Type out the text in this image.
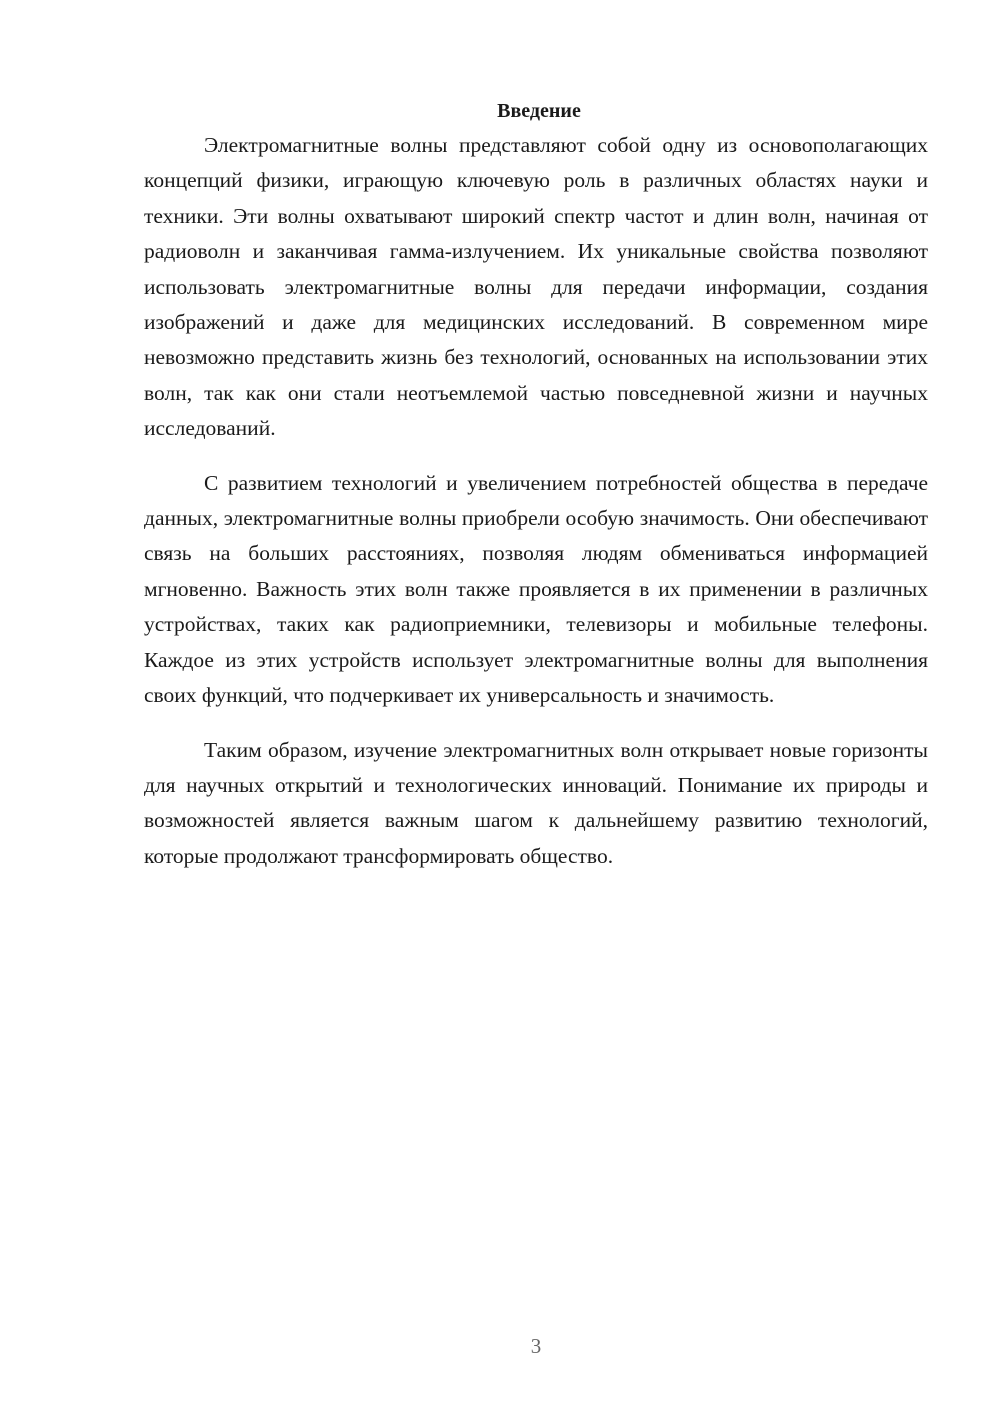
Введение

Электромагнитные волны представляют собой одну из основополагающих концепций физики, играющую ключевую роль в различных областях науки и техники. Эти волны охватывают широкий спектр частот и длин волн, начиная от радиоволн и заканчивая гамма-излучением. Их уникальные свойства позволяют использовать электромагнитные волны для передачи информации, создания изображений и даже для медицинских исследований. В современном мире невозможно представить жизнь без технологий, основанных на использовании этих волн, так как они стали неотъемлемой частью повседневной жизни и научных исследований.

С развитием технологий и увеличением потребностей общества в передаче данных, электромагнитные волны приобрели особую значимость. Они обеспечивают связь на больших расстояниях, позволяя людям обмениваться информацией мгновенно. Важность этих волн также проявляется в их применении в различных устройствах, таких как радиоприемники, телевизоры и мобильные телефоны. Каждое из этих устройств использует электромагнитные волны для выполнения своих функций, что подчеркивает их универсальность и значимость.

Таким образом, изучение электромагнитных волн открывает новые горизонты для научных открытий и технологических инноваций. Понимание их природы и возможностей является важным шагом к дальнейшему развитию технологий, которые продолжают трансформировать общество.

3
